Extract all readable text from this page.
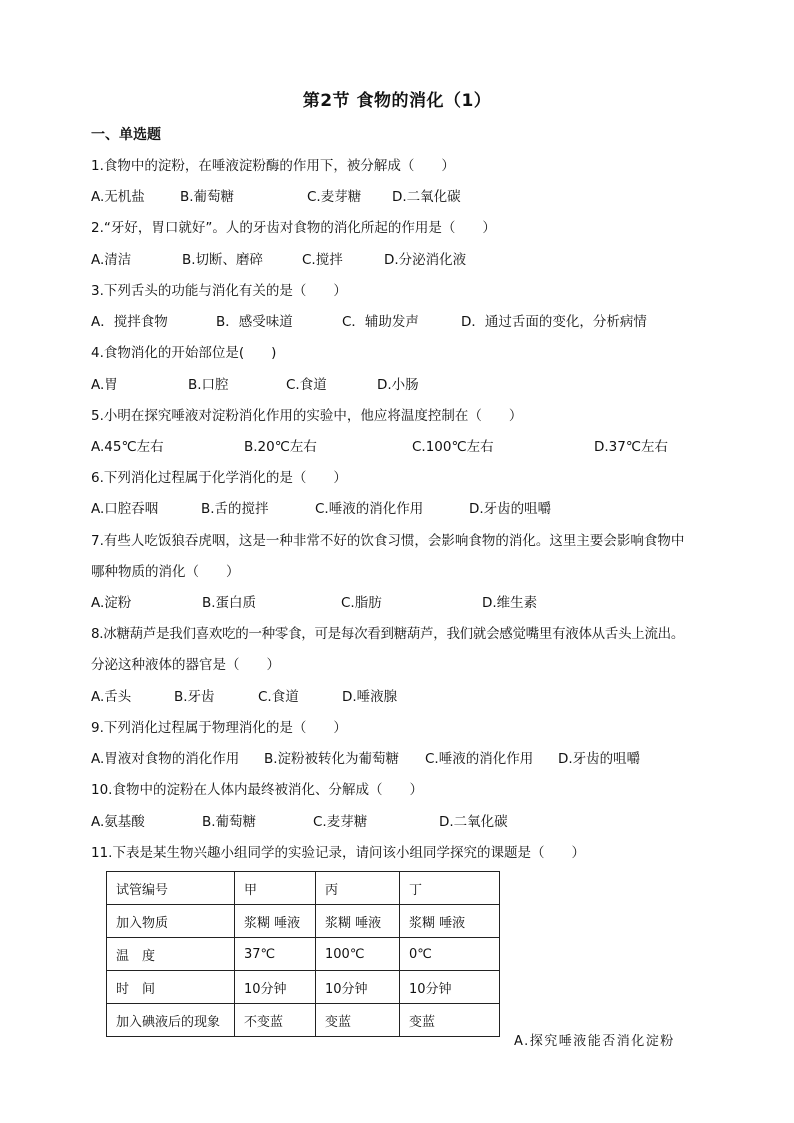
第2节 食物的消化（1）
一、单选题
1.食物中的淀粉，在唾液淀粉酶的作用下，被分解成（　　）
A.无机盐	B.葡萄糖	C.麦芽糖 D.二氧化碳
2.“牙好，胃口就好”。人的牙齿对食物的消化所起的作用是（　　）
A.清洁	B.切断、磨碎	C.搅拌	D.分泌消化液
3.下列舌头的功能与消化有关的是（　　）
A．搅拌食物	B．感受味道	C．辅助发声	D．通过舌面的变化，分析病情
4.食物消化的开始部位是(　　)
A.胃	B.口腔	C.食道	D.小肠
5.小明在探究唾液对淀粉消化作用的实验中，他应将温度控制在（　　）
A.45℃左右	B.20℃左右	C.100℃左右	D.37℃左右
6.下列消化过程属于化学消化的是（　　）
A.口腔吞咽	B.舌的搅拌	C.唾液的消化作用	D.牙齿的咀嚼
7.有些人吃饭狼吞虎咽，这是一种非常不好的饮食习惯，会影响食物的消化。这里主要会影响食物中
哪种物质的消化（　　）
A.淀粉	B.蛋白质	C.脂肪	D.维生素
8.冰糖葫芦是我们喜欢吃的一种零食，可是每次看到糖葫芦，我们就会感觉嘴里有液体从舌头上流出。
分泌这种液体的器官是（　　）
A.舌头	B.牙齿	C.食道	D.唾液腺
9.下列消化过程属于物理消化的是（　　）
A.胃液对食物的消化作用 B.淀粉被转化为葡萄糖 C.唾液的消化作用 D.牙齿的咀嚼
10.食物中的淀粉在人体内最终被消化、分解成（　　）
A.氨基酸	B.葡萄糖	C.麦芽糖	D.二氧化碳
11.下表是某生物兴趣小组同学的实验记录，请问该小组同学探究的课题是（　　）
试管编号	甲	丙	丁
加入物质	浆糊 唾液	浆糊 唾液	浆糊 唾液
温　度	37℃	100℃	0℃
时　间	10分钟	10分钟	10分钟
加入碘液后的现象	不变蓝	变蓝	变蓝
A.探究唾液能否消化淀粉
